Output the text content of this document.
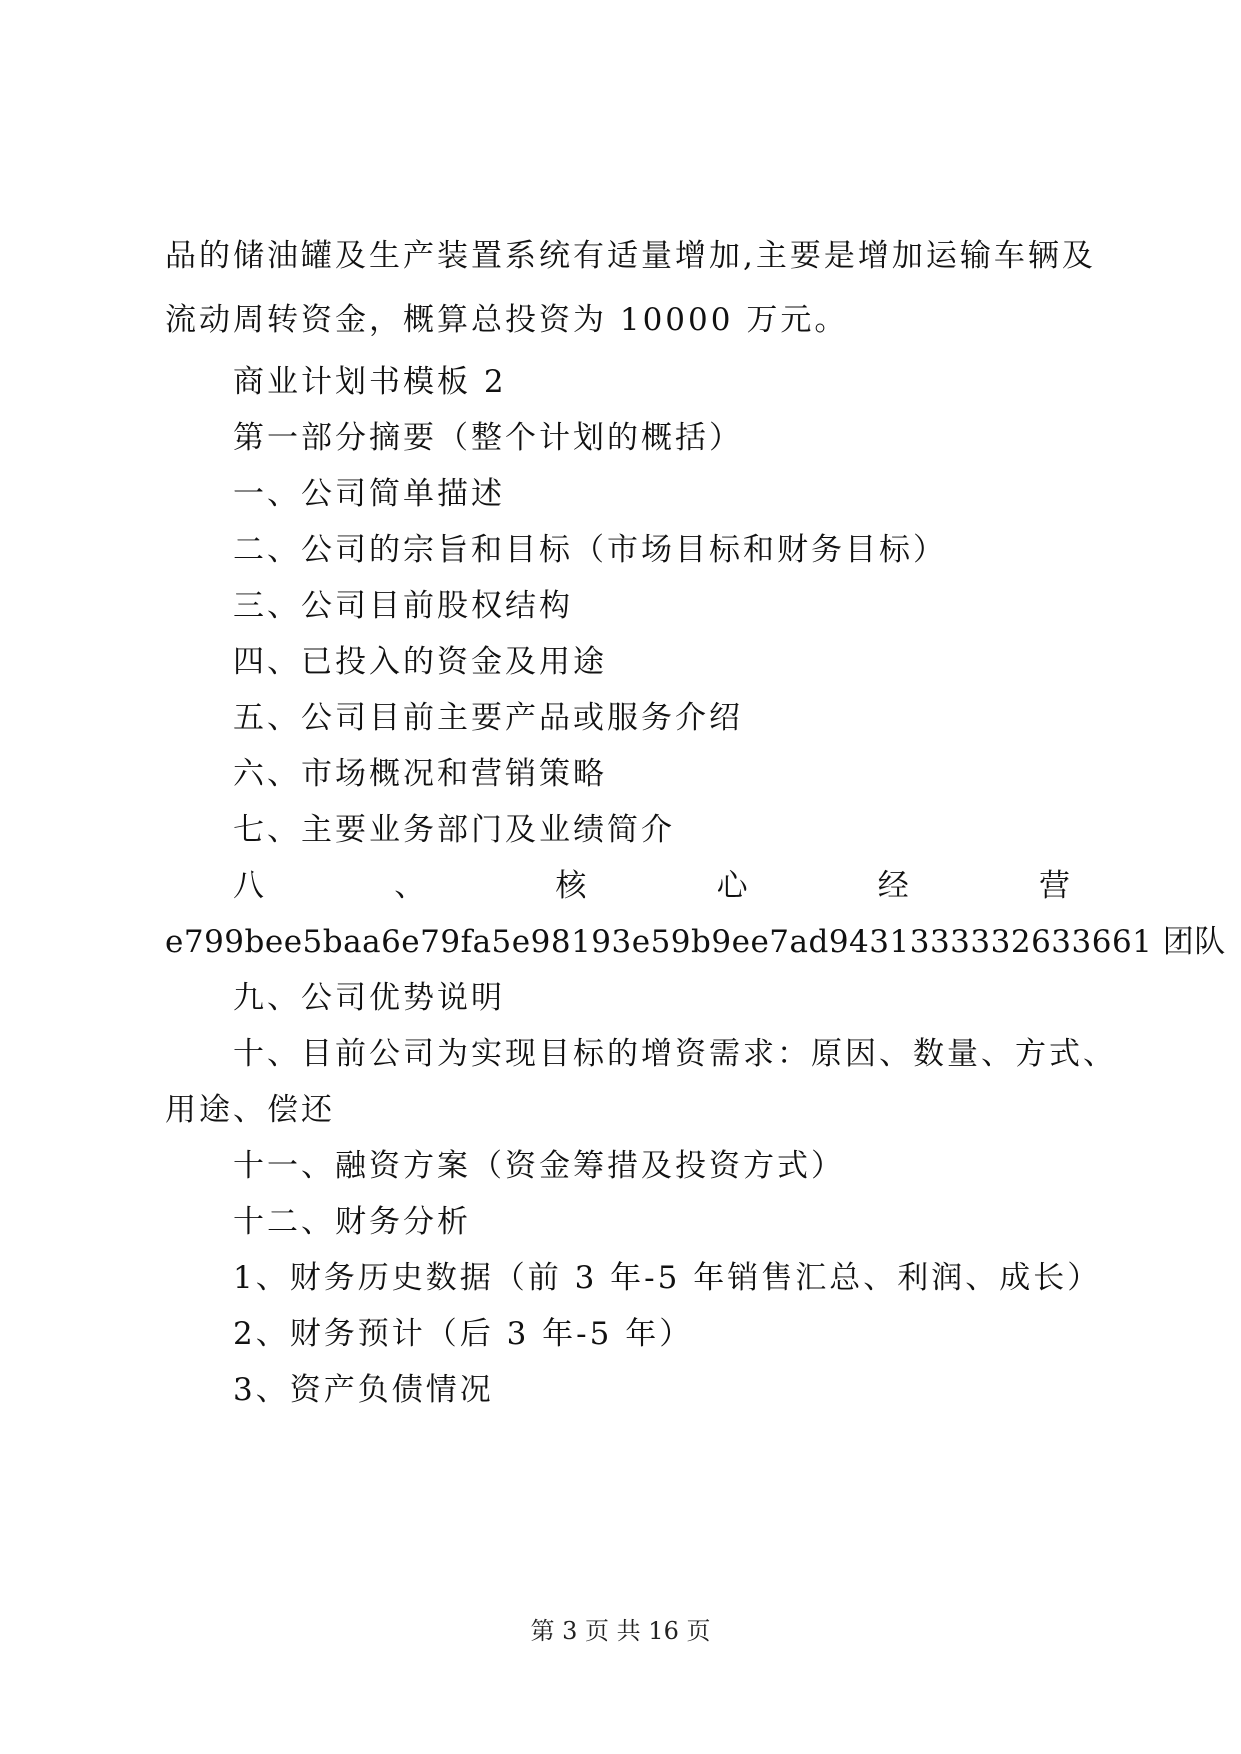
品的储油罐及生产装置系统有适量增加,主要是增加运输车辆及
流动周转资金，概算总投资为 10000 万元。
商业计划书模板 2
第一部分摘要（整个计划的概括）
一、公司简单描述
二、公司的宗旨和目标（市场目标和财务目标）
三、公司目前股权结构
四、已投入的资金及用途
五、公司目前主要产品或服务介绍
六、市场概况和营销策略
七、主要业务部门及业绩简介
八	、	核	心	经	营
e799bee5baa6e79fa5e98193e59b9ee7ad9431333332633661 团队
九、公司优势说明
十、目前公司为实现目标的增资需求：原因、数量、方式、
用途、偿还
十一、融资方案（资金筹措及投资方式）
十二、财务分析
1、财务历史数据（前 3 年-5 年销售汇总、利润、成长）
2、财务预计（后 3 年-5 年）
3、资产负债情况
第 3 页 共 16 页
